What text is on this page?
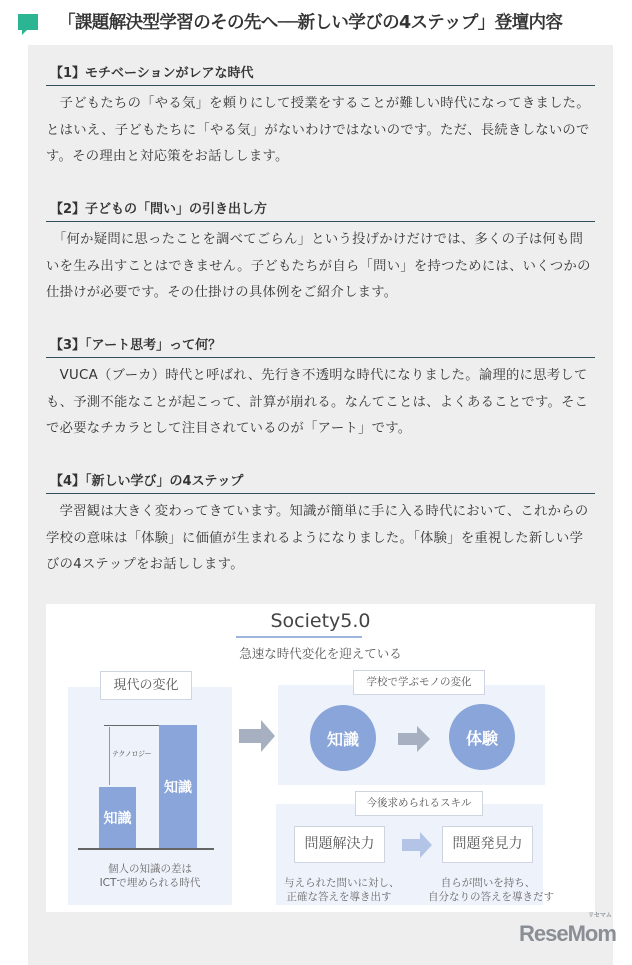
「課題解決型学習のその先へ──新しい学びの4ステップ」登壇内容
【1】モチベーションがレアな時代

　子どもたちの「やる気」を頼りにして授業をすることが難しい時代になってきました。
とはいえ、子どもたちに「やる気」がないわけではないのです。ただ、長続きしないので
す。その理由と対応策をお話しします。

【2】子どもの「問い」の引き出し方

　「何か疑問に思ったことを調べてごらん」という投げかけだけでは、多くの子は何も問
いを生み出すことはできません。子どもたちが自ら「問い」を持つためには、いくつかの
仕掛けが必要です。その仕掛けの具体例をご紹介します。

【3】「アート思考」って何？

　VUCA（ブーカ）時代と呼ばれ、先行き不透明な時代になりました。論理的に思考して
も、予測不能なことが起こって、計算が崩れる。なんてことは、よくあることです。そこ
で必要なチカラとして注目されているのが「アート」です。

【4】「新しい学び」の4ステップ

　学習観は大きく変わってきています。知識が簡単に手に入る時代において、これからの
学校の意味は「体験」に価値が生まれるようになりました。「体験」を重視した新しい学
びの4ステップをお話しします。

Society5.0
急速な時代変化を迎えている
現代の変化
知識
知識
テクノロジー
個人の知識の差は
ICTで埋められる時代
学校で学ぶモノの変化
知識	体験
今後求められるスキル
問題解決力	問題発見力
与えられた問いに対し、
正確な答えを導き出す
自らが問いを持ち、
自分なりの答えを導きだす
ReseMom
リセマム
